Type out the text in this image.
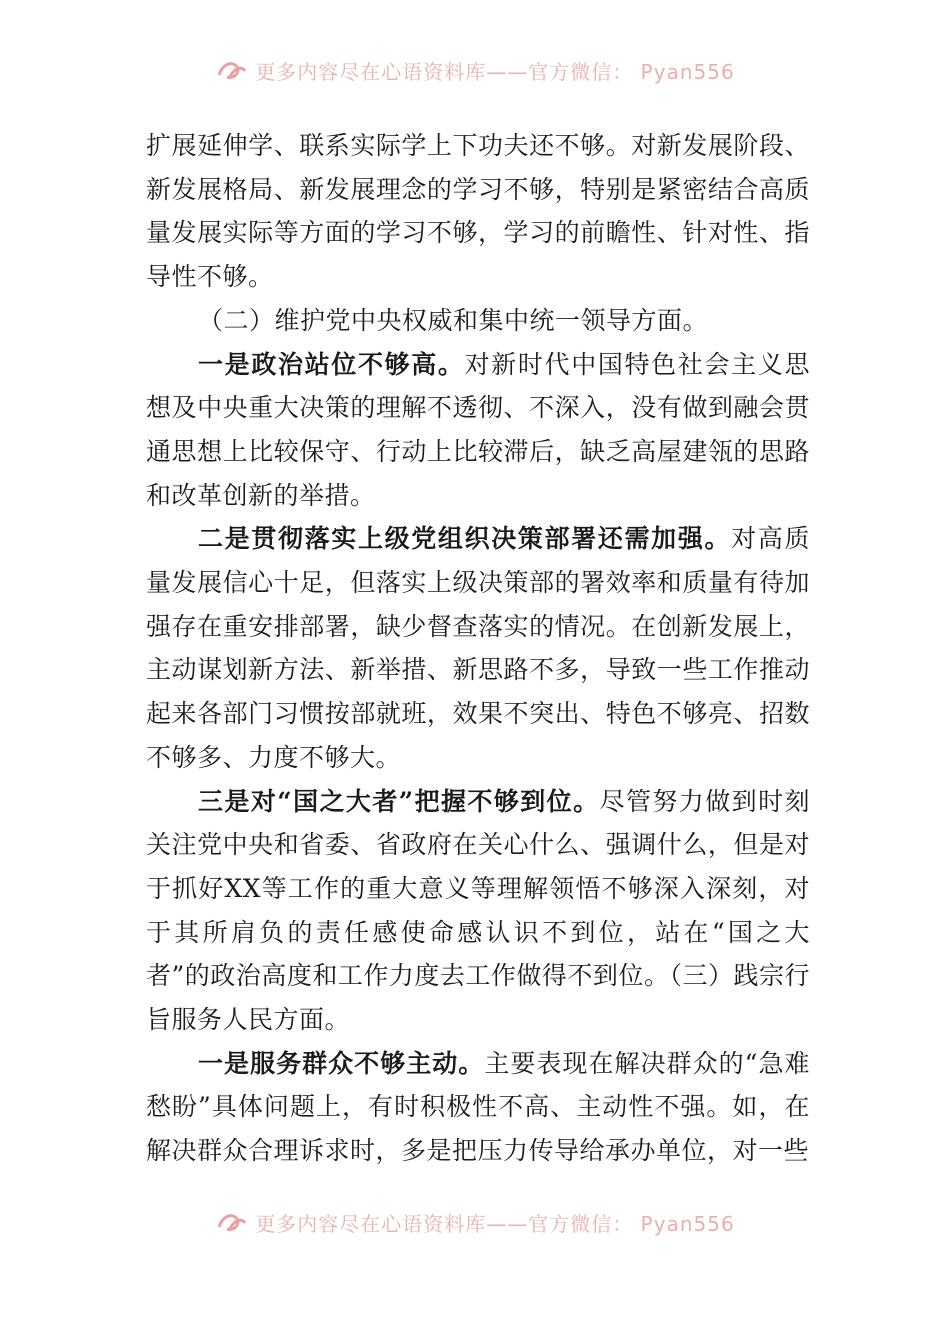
更多内容尽在心语资料库——官方微信： Pyan556

扩展延伸学、联系实际学上下功夫还不够。对新发展阶段、新发展格局、新发展理念的学习不够，特别是紧密结合高质量发展实际等方面的学习不够，学习的前瞻性、针对性、指导性不够。

（二）维护党中央权威和集中统一领导方面。

一是政治站位不够高。对新时代中国特色社会主义思想及中央重大决策的理解不透彻、不深入，没有做到融会贯通思想上比较保守、行动上比较滞后，缺乏高屋建瓴的思路和改革创新的举措。

二是贯彻落实上级党组织决策部署还需加强。对高质量发展信心十足，但落实上级决策部的署效率和质量有待加强存在重安排部署，缺少督查落实的情况。在创新发展上，主动谋划新方法、新举措、新思路不多，导致一些工作推动起来各部门习惯按部就班，效果不突出、特色不够亮、招数不够多、力度不够大。

三是对“国之大者”把握不够到位。尽管努力做到时刻关注党中央和省委、省政府在关心什么、强调什么，但是对于抓好XX等工作的重大意义等理解领悟不够深入深刻，对于其所肩负的责任感使命感认识不到位，站在“国之大者”的政治高度和工作力度去工作做得不到位。（三）践宗行旨服务人民方面。

一是服务群众不够主动。主要表现在解决群众的“急难愁盼”具体问题上，有时积极性不高、主动性不强。如，在解决群众合理诉求时，多是把压力传导给承办单位，对一些

更多内容尽在心语资料库——官方微信： Pyan556
